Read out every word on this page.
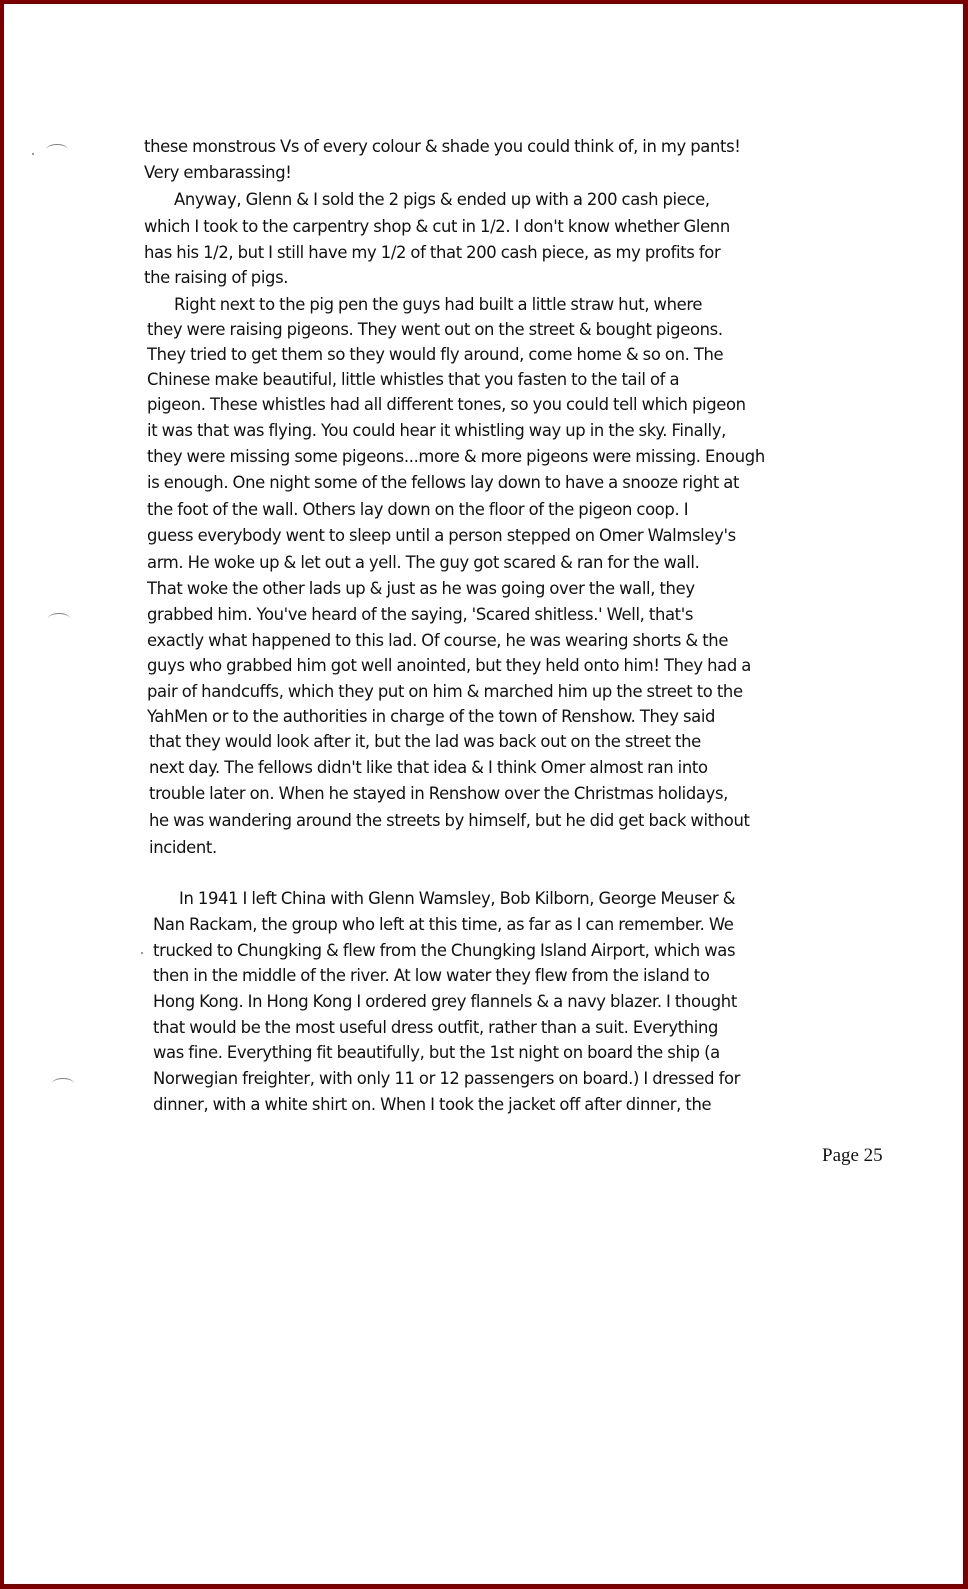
these monstrous Vs of every colour & shade you could think of, in my pants!
Very embarassing!
Anyway, Glenn & I sold the 2 pigs & ended up with a 200 cash piece,
which I took to the carpentry shop & cut in 1/2. I don't know whether Glenn
has his 1/2, but I still have my 1/2 of that 200 cash piece, as my profits for
the raising of pigs.
Right next to the pig pen the guys had built a little straw hut, where
they were raising pigeons. They went out on the street & bought pigeons.
They tried to get them so they would fly around, come home & so on. The
Chinese make beautiful, little whistles that you fasten to the tail of a
pigeon. These whistles had all different tones, so you could tell which pigeon
it was that was flying. You could hear it whistling way up in the sky. Finally,
they were missing some pigeons...more & more pigeons were missing. Enough
is enough. One night some of the fellows lay down to have a snooze right at
the foot of the wall. Others lay down on the floor of the pigeon coop. I
guess everybody went to sleep until a person stepped on Omer Walmsley's
arm. He woke up & let out a yell. The guy got scared & ran for the wall.
That woke the other lads up & just as he was going over the wall, they
grabbed him. You've heard of the saying, 'Scared shitless.' Well, that's
exactly what happened to this lad. Of course, he was wearing shorts & the
guys who grabbed him got well anointed, but they held onto him! They had a
pair of handcuffs, which they put on him & marched him up the street to the
YahMen or to the authorities in charge of the town of Renshow. They said
that they would look after it, but the lad was back out on the street the
next day. The fellows didn't like that idea & I think Omer almost ran into
trouble later on. When he stayed in Renshow over the Christmas holidays,
he was wandering around the streets by himself, but he did get back without
incident.
In 1941 I left China with Glenn Wamsley, Bob Kilborn, George Meuser &
Nan Rackam, the group who left at this time, as far as I can remember. We
trucked to Chungking & flew from the Chungking Island Airport, which was
then in the middle of the river. At low water they flew from the island to
Hong Kong. In Hong Kong I ordered grey flannels & a navy blazer. I thought
that would be the most useful dress outfit, rather than a suit. Everything
was fine. Everything fit beautifully, but the 1st night on board the ship (a
Norwegian freighter, with only 11 or 12 passengers on board.) I dressed for
dinner, with a white shirt on. When I took the jacket off after dinner, the
Page 25
